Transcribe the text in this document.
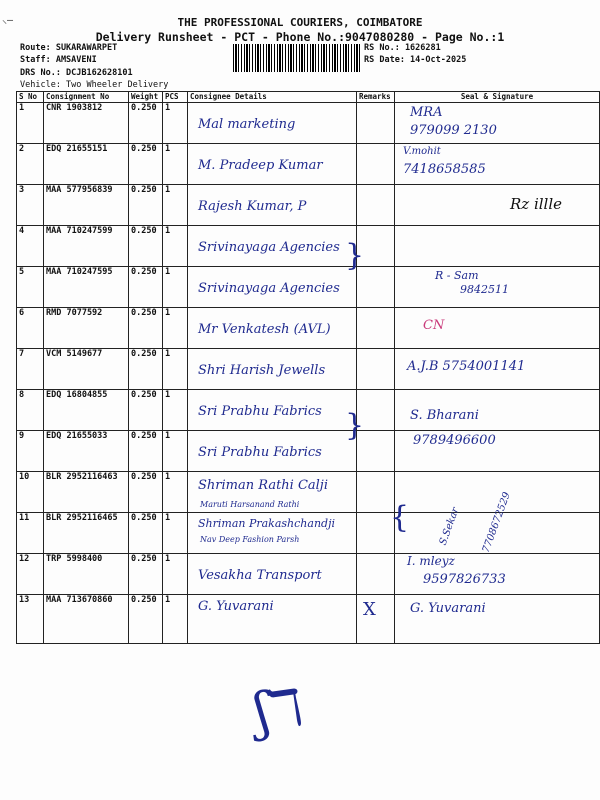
⸜—	THE PROFESSIONAL COURIERS, COIMBATORE
Delivery Runsheet - PCT - Phone No.:9047080280 - Page No.:1
Route: SUKARAWARPET
Staff: AMSAVENI
DRS No.: DCJB162628101
Vehicle: Two Wheeler Delivery
RS No.: 1626281
RS Date: 14-Oct-2025
S No	Consignment No	Weight	PCS	Consignee Details	Remarks	Seal & Signature
1	CNR 1903812	0.250	1	Mal marketing		MRA
979099 2130

2	EDQ 21655151	0.250	1	M. Pradeep Kumar		V.mohit
7418658585

3	MAA 577956839	0.250	1	Rajesh Kumar, P		Rz illle

4	MAA 710247599	0.250	1	Srivinayaga Agencies		

5	MAA 710247595	0.250	1	Srivinayaga Agencies		R - Sam
9842511

6	RMD 7077592	0.250	1	Mr Venkatesh (AVL)		CN

7	VCM 5149677	0.250	1	Shri Harish Jewells		A.J.B 5754001141

8	EDQ 16804855	0.250	1	Sri Prabhu Fabrics		S. Bharani

9	EDQ 21655033	0.250	1	Sri Prabhu Fabrics		9789496600

10	BLR 2952116463	0.250	1	Shriman Rathi Calji
Maruti Harsanand Rathi		

11	BLR 2952116465	0.250	1	Shriman Prakashchandji
Nav Deep Fashion Parsh		S.Sekar 7708672529

12	TRP 5998400	0.250	1	Vesakha Transport		I. mleyz
9597826733

13	MAA 713670860	0.250	1	G. Yuvarani	X	G. Yuvarani
}
}
{
ʃℸ
